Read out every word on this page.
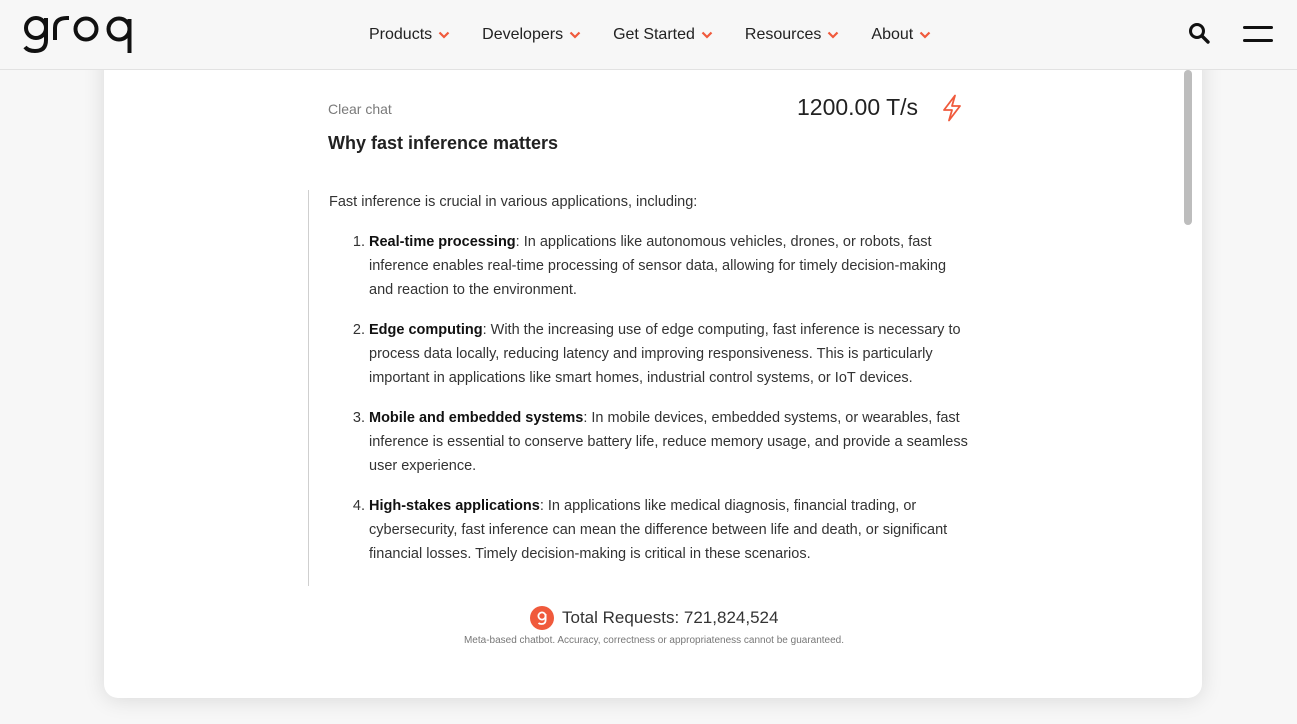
Products	Developers	Get Started	Resources	About
Clear chat	1200.00 T/s
Why fast inference matters

Fast inference is crucial in various applications, including:

1. Real-time processing: In applications like autonomous vehicles, drones, or robots, fast inference enables real-time processing of sensor data, allowing for timely decision-making and reaction to the environment.
2. Edge computing: With the increasing use of edge computing, fast inference is necessary to process data locally, reducing latency and improving responsiveness. This is particularly important in applications like smart homes, industrial control systems, or IoT devices.
3. Mobile and embedded systems: In mobile devices, embedded systems, or wearables, fast inference is essential to conserve battery life, reduce memory usage, and provide a seamless user experience.
4. High-stakes applications: In applications like medical diagnosis, financial trading, or cybersecurity, fast inference can mean the difference between life and death, or significant financial losses. Timely decision-making is critical in these scenarios.
Total Requests: 721,824,524
Meta-based chatbot. Accuracy, correctness or appropriateness cannot be guaranteed.
